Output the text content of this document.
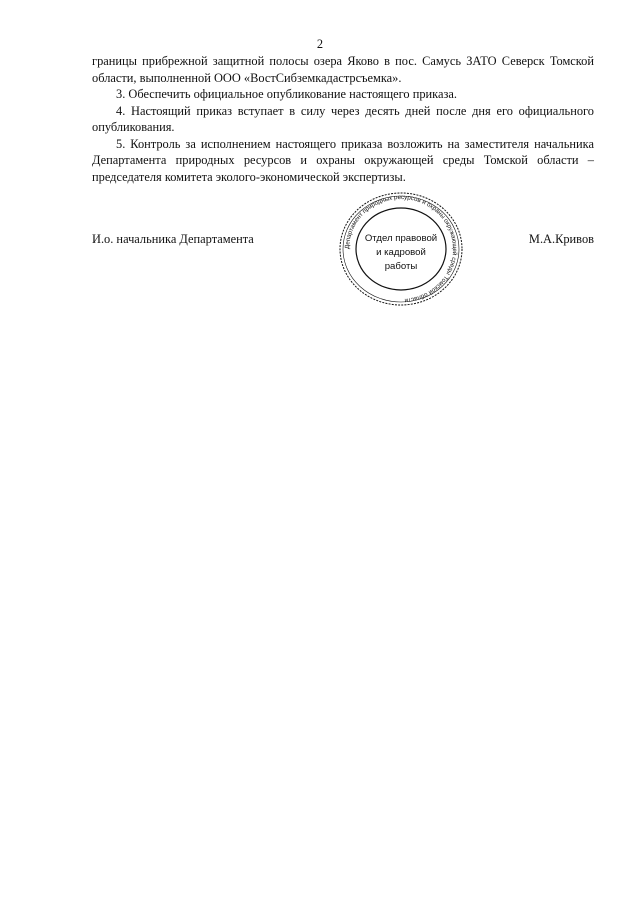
2

границы прибрежной защитной полосы озера Яково в пос. Самусь ЗАТО Северск Томской области, выполненной ООО «ВостСибземкадастрсъемка».

3. Обеспечить официальное опубликование настоящего приказа.

4. Настоящий приказ вступает в силу через десять дней после дня его официального опубликования.

5. Контроль за исполнением настоящего приказа возложить на заместителя начальника Департамента природных ресурсов и охраны окружающей среды Томской области – председателя комитета эколого-экономической экспертизы.

И.о. начальника Департамента	М.А.Кривов
Департамент природных ресурсов и охраны окружающей среды Томской области
Отдел правовой
и кадровой
работы
